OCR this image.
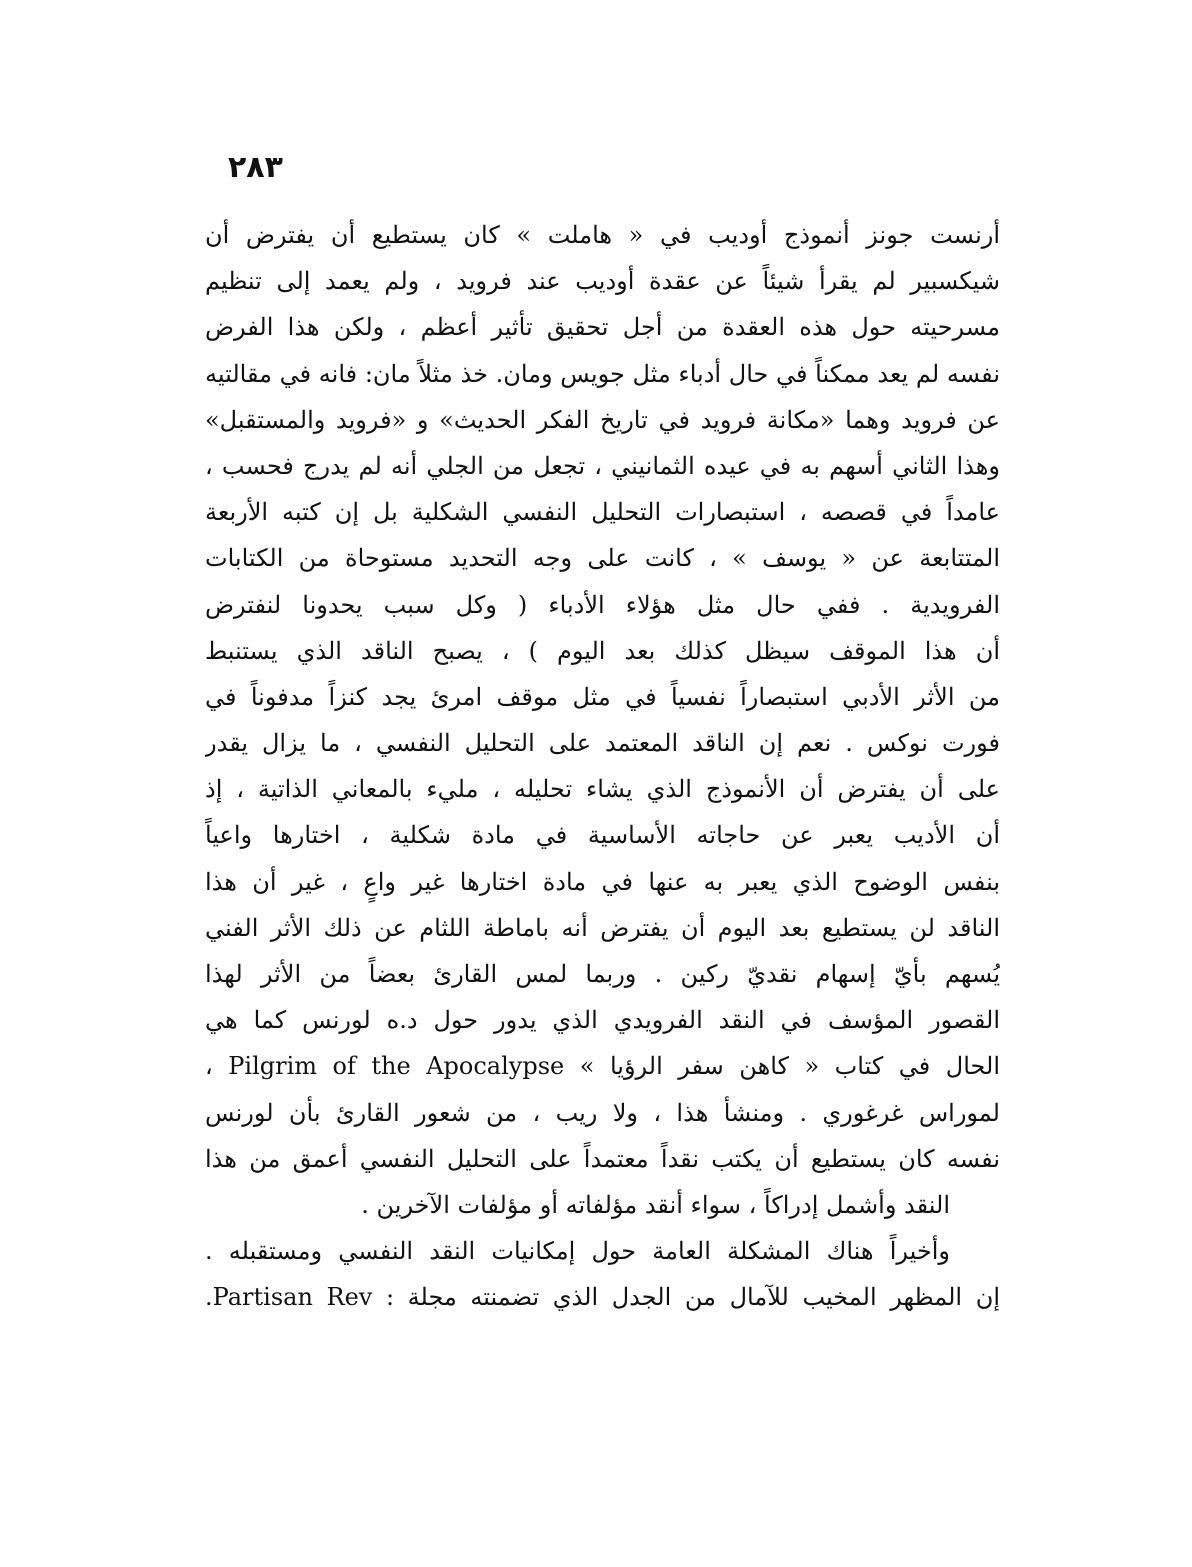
٢٨٣
أرنست جونز أنموذج أوديب في « هاملت » كان يستطيع أن يفترض أن
شيكسبير لم يقرأ شيئاً عن عقدة أوديب عند فرويد ، ولم يعمد إلى تنظيم
مسرحيته حول هذه العقدة من أجل تحقيق تأثير أعظم ، ولكن هذا الفرض
نفسه لم يعد ممكناً في حال أدباء مثل جويس ومان. خذ مثلاً مان: فانه في مقالتيه
عن فرويد وهما «مكانة فرويد في تاريخ الفكر الحديث» و «فرويد والمستقبل»
وهذا الثاني أسهم به في عيده الثمانيني ، تجعل من الجلي أنه لم يدرج فحسب ،
عامداً في قصصه ، استبصارات التحليل النفسي الشكلية بل إن كتبه الأربعة
المتتابعة عن « يوسف » ، كانت على وجه التحديد مستوحاة من الكتابات
الفرويدية . ففي حال مثل هؤلاء الأدباء ( وكل سبب يحدونا لنفترض
أن هذا الموقف سيظل كذلك بعد اليوم ) ، يصبح الناقد الذي يستنبط
من الأثر الأدبي استبصاراً نفسياً في مثل موقف امرئ يجد كنزاً مدفوناً في
فورت نوكس . نعم إن الناقد المعتمد على التحليل النفسي ، ما يزال يقدر
على أن يفترض أن الأنموذج الذي يشاء تحليله ، مليء بالمعاني الذاتية ، إذ
أن الأديب يعبر عن حاجاته الأساسية في مادة شكلية ، اختارها واعياً
بنفس الوضوح الذي يعبر به عنها في مادة اختارها غير واعٍ ، غير أن هذا
الناقد لن يستطيع بعد اليوم أن يفترض أنه باماطة اللثام عن ذلك الأثر الفني
يُسهم بأيّ إسهام نقديّ ركين . وربما لمس القارئ بعضاً من الأثر لهذا
القصور المؤسف في النقد الفرويدي الذي يدور حول د.ه لورنس كما هي
الحال في كتاب « كاهن سفر الرؤيا » Pilgrim of the Apocalypse ،
لموراس غرغوري . ومنشأ هذا ، ولا ريب ، من شعور القارئ بأن لورنس
نفسه كان يستطيع أن يكتب نقداً معتمداً على التحليل النفسي أعمق من هذا
النقد وأشمل إدراكاً ، سواء أنقد مؤلفاته أو مؤلفات الآخرين .
وأخيراً هناك المشكلة العامة حول إمكانيات النقد النفسي ومستقبله .
إن المظهر المخيب للآمال من الجدل الذي تضمنته مجلة : Partisan Rev.
